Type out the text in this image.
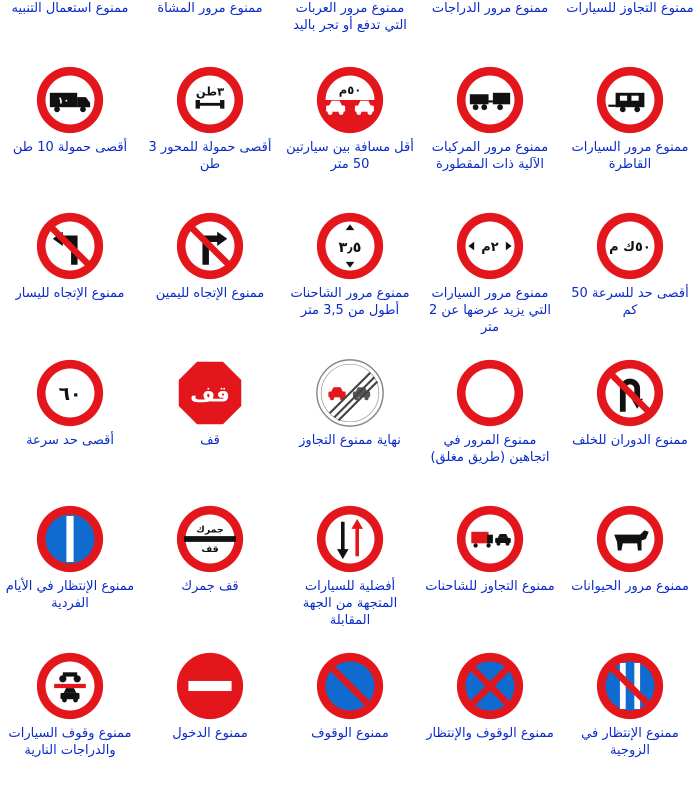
ممنوع التجاوز للسيارات
ممنوع مرور الدراجات
ممنوع مرور العربات التي تدفع أو تجر باليد
ممنوع مرور المشاة
ممنوع استعمال التنبيه
ممنوع مرور السيارات القاطرة
ممنوع مرور المركبات الآلية ذات المقطورة
٥٠م
أقل مسافة بين سيارتين 50 متر
٣طن
أقصى حمولة للمحور 3 طن
١٠
أقصى حمولة 10 طن
٥٠ك م
أقصى حد للسرعة 50 كم
٢م
ممنوع مرور السيارات التي يزيد عرضها عن 2 متر
٣٫٥
ممنوع مرور الشاحنات أطول من 3,5 متر
ممنوع الإتجاه لليمين
ممنوع الإتجاه لليسار
ممنوع الدوران للخلف
ممنوع المرور في اتجاهين (طريق مغلق)
نهاية ممنوع التجاوز
قف
قف
٦٠
أقصى حد سرعة
ممنوع مرور الحيوانات
ممنوع التجاوز للشاحنات
أفضلية للسيارات المتجهة من الجهة المقابلة
جمرك
قف
قف جمرك
ممنوع الإنتظار في الأيام الفردية
ممنوع الإنتظار في الزوجية
ممنوع الوقوف والإنتظار
ممنوع الوقوف
ممنوع الدخول
ممنوع وقوف السيارات والدراجات النارية
